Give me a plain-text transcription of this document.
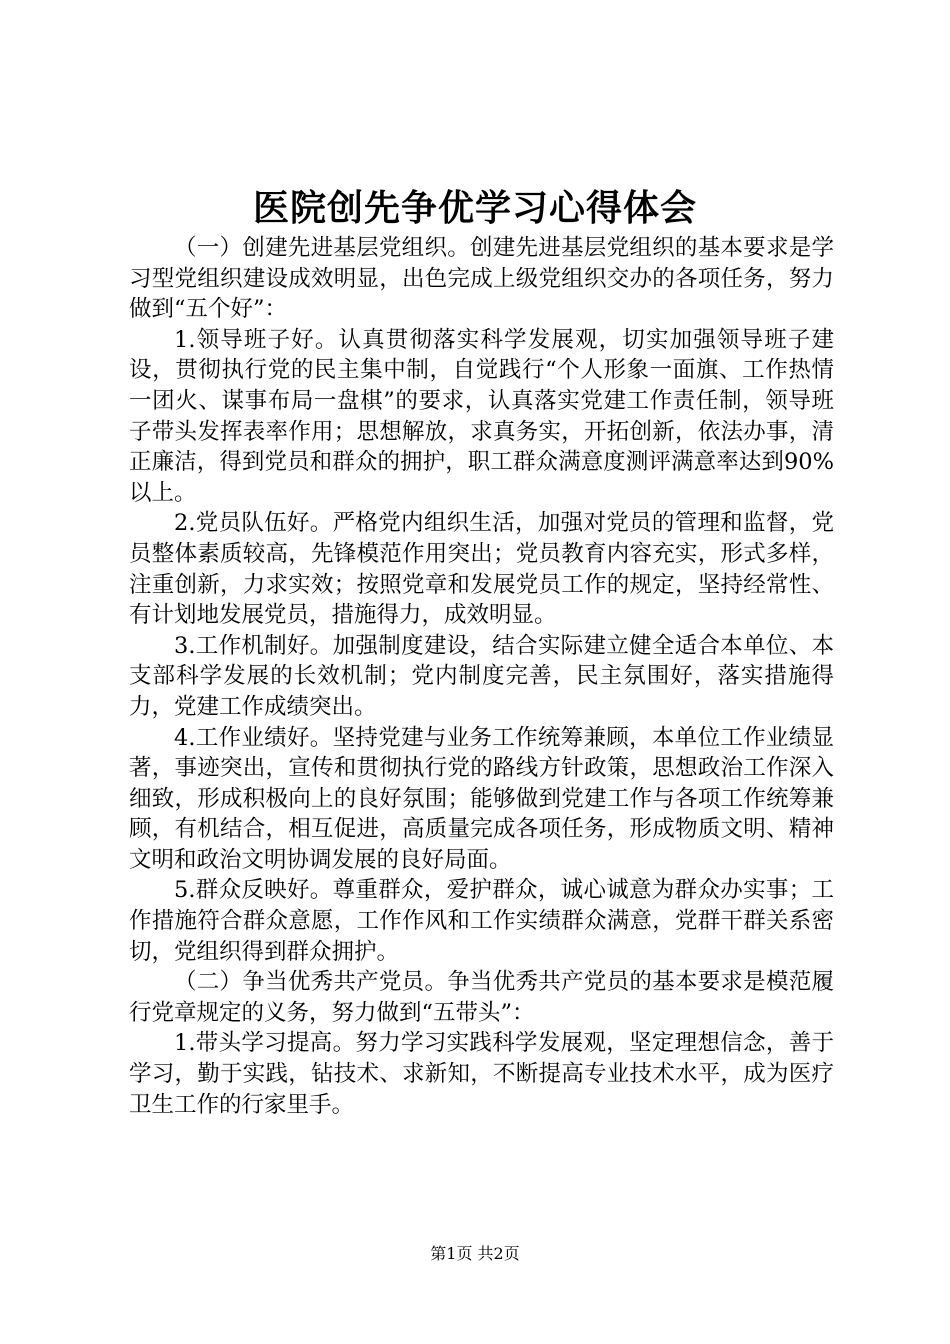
医院创先争优学习心得体会

（一）创建先进基层党组织。创建先进基层党组织的基本要求是学习型党组织建设成效明显，出色完成上级党组织交办的各项任务，努力做到“五个好”：

1.领导班子好。认真贯彻落实科学发展观，切实加强领导班子建设，贯彻执行党的民主集中制，自觉践行“个人形象一面旗、工作热情一团火、谋事布局一盘棋”的要求，认真落实党建工作责任制，领导班子带头发挥表率作用；思想解放，求真务实，开拓创新，依法办事，清正廉洁，得到党员和群众的拥护，职工群众满意度测评满意率达到90%以上。

2.党员队伍好。严格党内组织生活，加强对党员的管理和监督，党员整体素质较高，先锋模范作用突出；党员教育内容充实，形式多样，注重创新，力求实效；按照党章和发展党员工作的规定，坚持经常性、有计划地发展党员，措施得力，成效明显。

3.工作机制好。加强制度建设，结合实际建立健全适合本单位、本支部科学发展的长效机制；党内制度完善，民主氛围好，落实措施得力，党建工作成绩突出。

4.工作业绩好。坚持党建与业务工作统筹兼顾，本单位工作业绩显著，事迹突出，宣传和贯彻执行党的路线方针政策，思想政治工作深入细致，形成积极向上的良好氛围；能够做到党建工作与各项工作统筹兼顾，有机结合，相互促进，高质量完成各项任务，形成物质文明、精神文明和政治文明协调发展的良好局面。

5.群众反映好。尊重群众，爱护群众，诚心诚意为群众办实事；工作措施符合群众意愿，工作作风和工作实绩群众满意，党群干群关系密切，党组织得到群众拥护。

（二）争当优秀共产党员。争当优秀共产党员的基本要求是模范履行党章规定的义务，努力做到“五带头”：

1.带头学习提高。努力学习实践科学发展观，坚定理想信念，善于学习，勤于实践，钻技术、求新知，不断提高专业技术水平，成为医疗卫生工作的行家里手。

第1页 共2页
